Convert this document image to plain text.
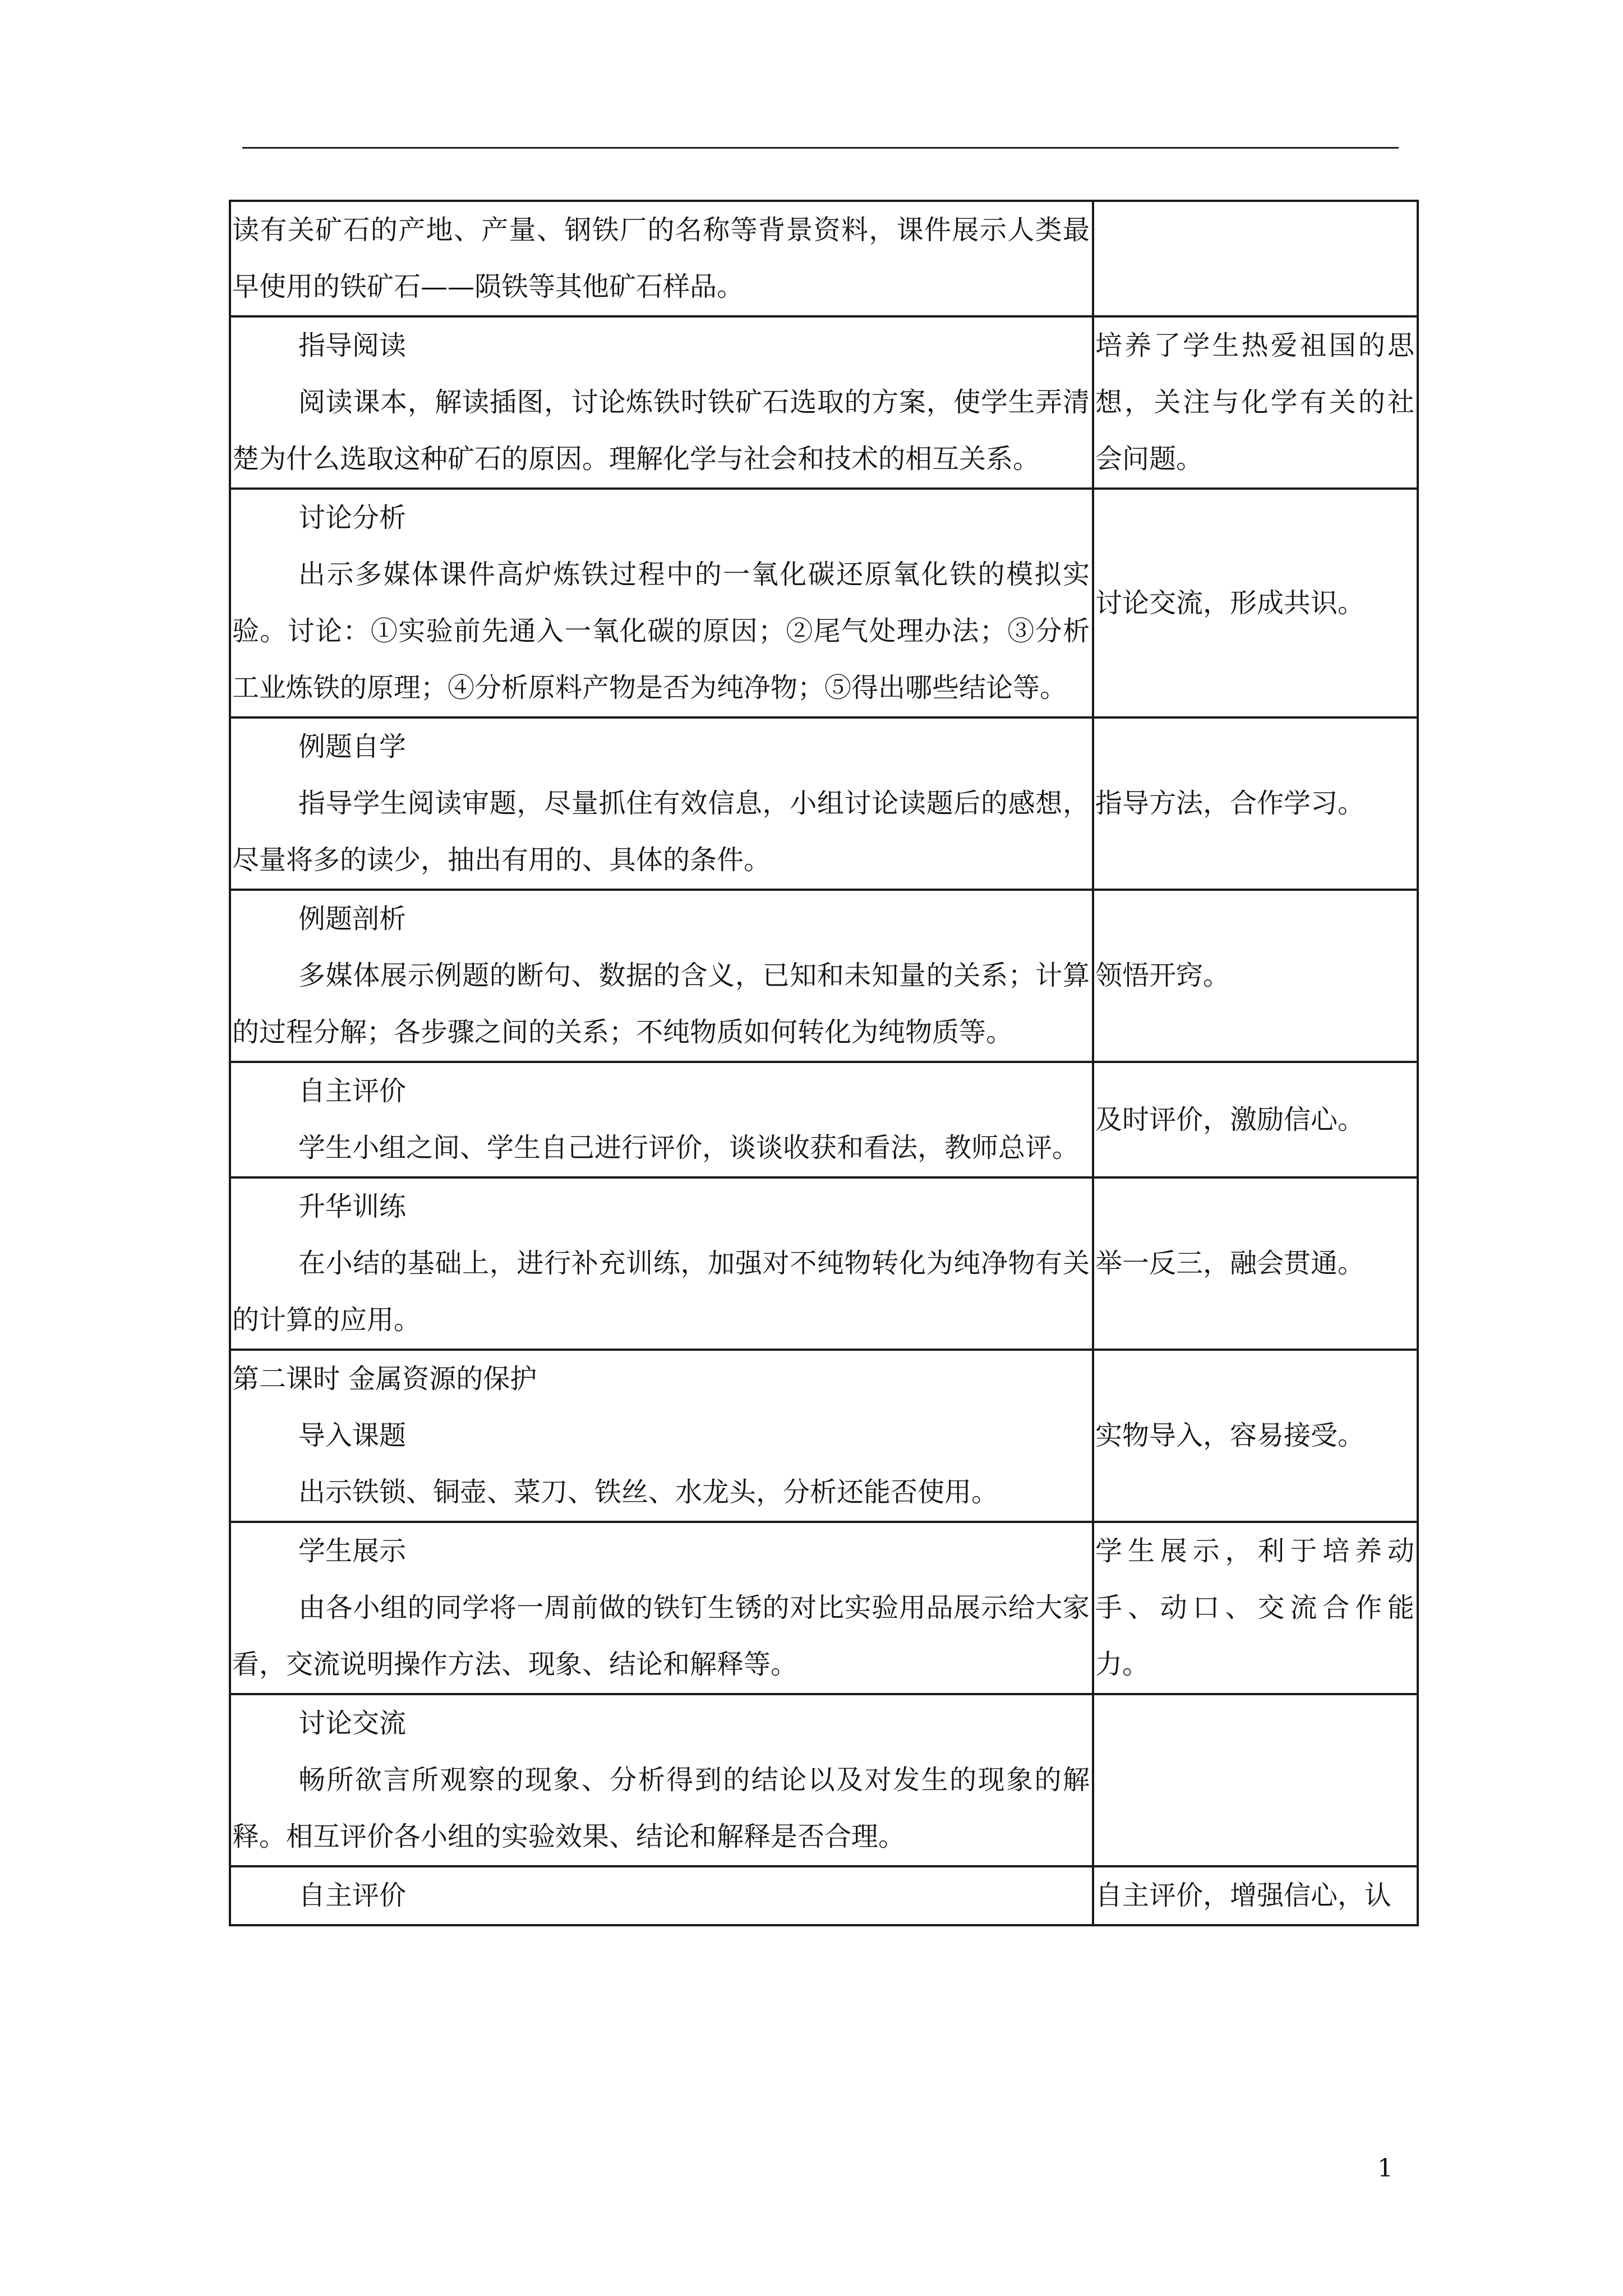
读有关矿石的产地、产量、钢铁厂的名称等背景资料，课件展示人类最早使用的铁矿石——陨铁等其他矿石样品。	

指导阅读

阅读课本，解读插图，讨论炼铁时铁矿石选取的方案，使学生弄清楚为什么选取这种矿石的原因。理解化学与社会和技术的相互关系。	培养了学生热爱祖国的思想，关注与化学有关的社会问题。

讨论分析

出示多媒体课件高炉炼铁过程中的一氧化碳还原氧化铁的模拟实验。讨论：①实验前先通入一氧化碳的原因；②尾气处理办法；③分析工业炼铁的原理；④分析原料产物是否为纯净物；⑤得出哪些结论等。	讨论交流，形成共识。

例题自学

指导学生阅读审题，尽量抓住有效信息，小组讨论读题后的感想，尽量将多的读少，抽出有用的、具体的条件。	指导方法，合作学习。

例题剖析

多媒体展示例题的断句、数据的含义，已知和未知量的关系；计算的过程分解；各步骤之间的关系；不纯物质如何转化为纯物质等。	领悟开窍。

自主评价

学生小组之间、学生自己进行评价，谈谈收获和看法，教师总评。	及时评价，激励信心。

升华训练

在小结的基础上，进行补充训练，加强对不纯物转化为纯净物有关的计算的应用。	举一反三，融会贯通。

第二课时 金属资源的保护

导入课题

出示铁锁、铜壶、菜刀、铁丝、水龙头，分析还能否使用。	实物导入，容易接受。

学生展示

由各小组的同学将一周前做的铁钉生锈的对比实验用品展示给大家看，交流说明操作方法、现象、结论和解释等。	学生展示，利于培养动手、动口、交流合作能力。

讨论交流

畅所欲言所观察的现象、分析得到的结论以及对发生的现象的解释。相互评价各小组的实验效果、结论和解释是否合理。	

自主评价	自主评价，增强信心，认

1
